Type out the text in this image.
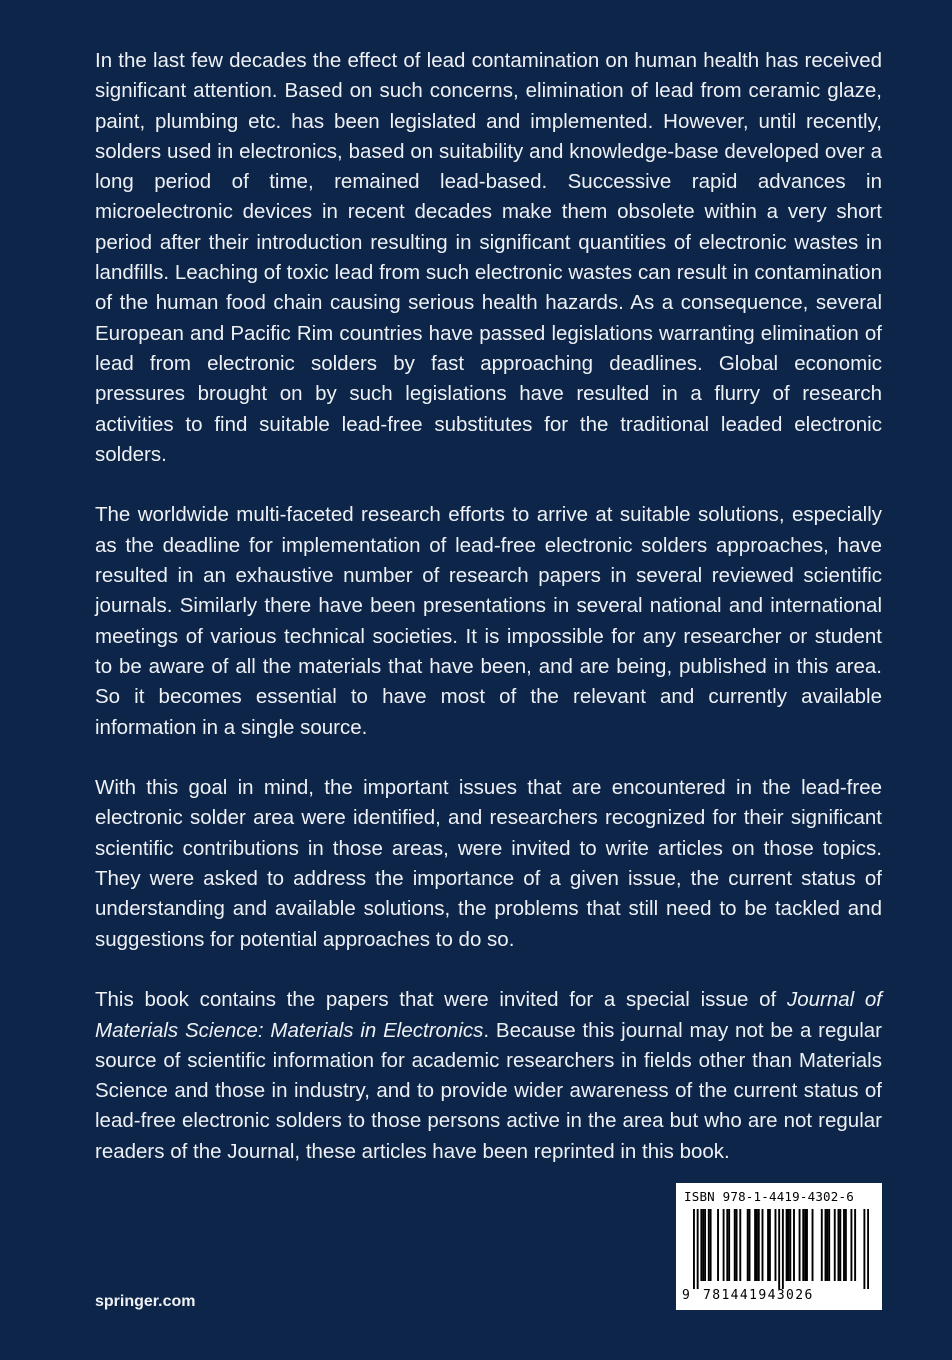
In the last few decades the effect of lead contamination on human health has received significant attention. Based on such concerns, elimination of lead from ceramic glaze, paint, plumbing etc. has been legislated and implemented. However, until recently, solders used in electronics, based on suitability and knowledge-base developed over a long period of time, remained lead-based. Successive rapid advances in microelectronic devices in recent decades make them obsolete within a very short period after their introduction resulting in significant quantities of electronic wastes in landfills. Leaching of toxic lead from such electronic wastes can result in contamination of the human food chain causing serious health hazards. As a consequence, several European and Pacific Rim countries have passed legislations warranting elimination of lead from electronic solders by fast approaching deadlines. Global economic pressures brought on by such legislations have resulted in a flurry of research activities to find suitable lead-free substitutes for the traditional leaded electronic solders.

The worldwide multi-faceted research efforts to arrive at suitable solutions, especially as the deadline for implementation of lead-free electronic solders approaches, have resulted in an exhaustive number of research papers in several reviewed scientific journals. Similarly there have been presentations in several national and international meetings of various technical societies. It is impossible for any researcher or student to be aware of all the materials that have been, and are being, published in this area. So it becomes essential to have most of the relevant and currently available information in a single source.

With this goal in mind, the important issues that are encountered in the lead-free electronic solder area were identified, and researchers recognized for their significant scientific contributions in those areas, were invited to write articles on those topics. They were asked to address the importance of a given issue, the current status of understanding and available solutions, the problems that still need to be tackled and suggestions for potential approaches to do so.

This book contains the papers that were invited for a special issue of Journal of Materials Science: Materials in Electronics. Because this journal may not be a regular source of scientific information for academic researchers in fields other than Materials Science and those in industry, and to provide wider awareness of the current status of lead-free electronic solders to those persons active in the area but who are not regular readers of the Journal, these articles have been reprinted in this book.

springer.com
ISBN 978-1-4419-4302-6
9 781441943026
